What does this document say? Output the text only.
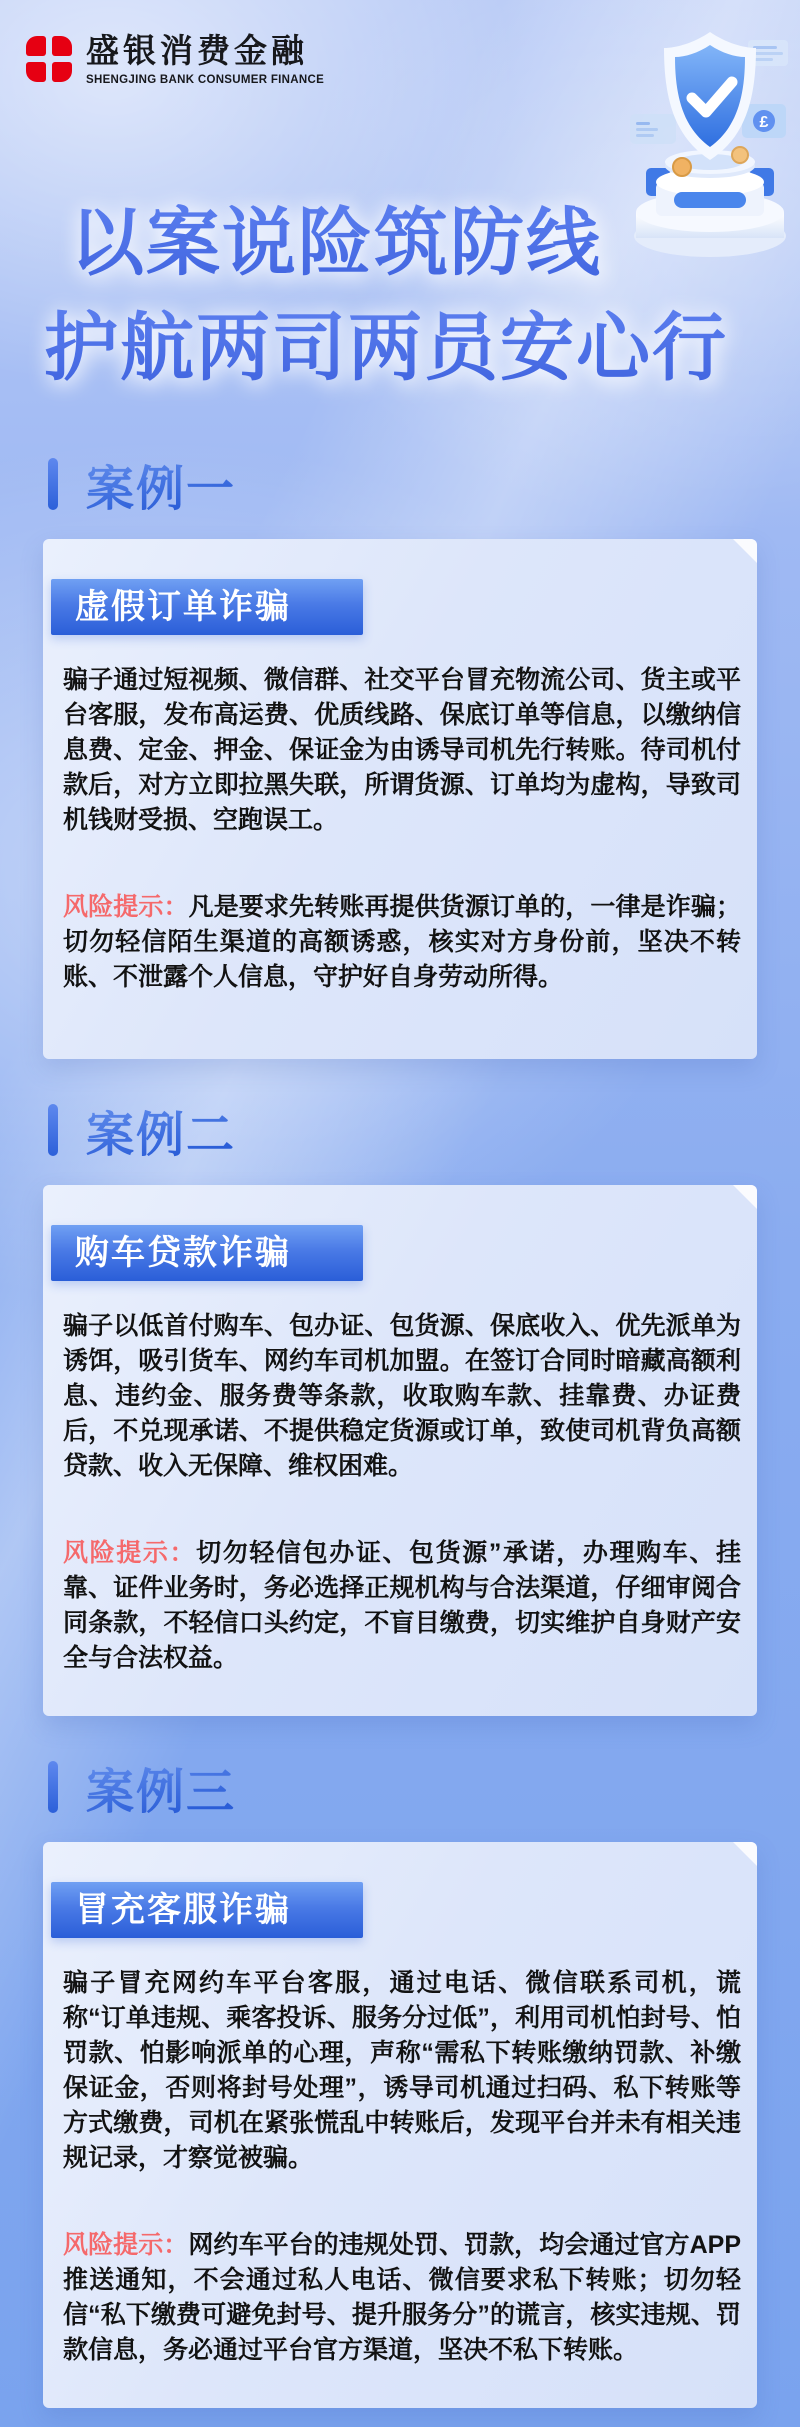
盛银消费金融
SHENGJING BANK CONSUMER FINANCE
£
以案说险筑防线
护航两司两员安心行
案例一
虚假订单诈骗

骗子通过短视频、微信群、社交平台冒充物流公司、货主或平台客服，发布高运费、优质线路、保底订单等信息，以缴纳信息费、定金、押金、保证金为由诱导司机先行转账。待司机付款后，对方立即拉黑失联，所谓货源、订单均为虚构，导致司机钱财受损、空跑误工。

风险提示：凡是要求先转账再提供货源订单的，一律是诈骗；切勿轻信陌生渠道的高额诱惑，核实对方身份前，坚决不转账、不泄露个人信息，守护好自身劳动所得。

案例二
购车贷款诈骗

骗子以低首付购车、包办证、包货源、保底收入、优先派单为诱饵，吸引货车、网约车司机加盟。在签订合同时暗藏高额利息、违约金、服务费等条款，收取购车款、挂靠费、办证费后，不兑现承诺、不提供稳定货源或订单，致使司机背负高额贷款、收入无保障、维权困难。

风险提示：切勿轻信包办证、包货源”承诺，办理购车、挂靠、证件业务时，务必选择正规机构与合法渠道，仔细审阅合同条款，不轻信口头约定，不盲目缴费，切实维护自身财产安全与合法权益。

案例三
冒充客服诈骗

骗子冒充网约车平台客服，通过电话、微信联系司机，谎称“订单违规、乘客投诉、服务分过低”，利用司机怕封号、怕罚款、怕影响派单的心理，声称“需私下转账缴纳罚款、补缴保证金，否则将封号处理”，诱导司机通过扫码、私下转账等方式缴费，司机在紧张慌乱中转账后，发现平台并未有相关违规记录，才察觉被骗。

风险提示：网约车平台的违规处罚、罚款，均会通过官方APP推送通知，不会通过私人电话、微信要求私下转账；切勿轻信“私下缴费可避免封号、提升服务分”的谎言，核实违规、罚款信息，务必通过平台官方渠道，坚决不私下转账。
